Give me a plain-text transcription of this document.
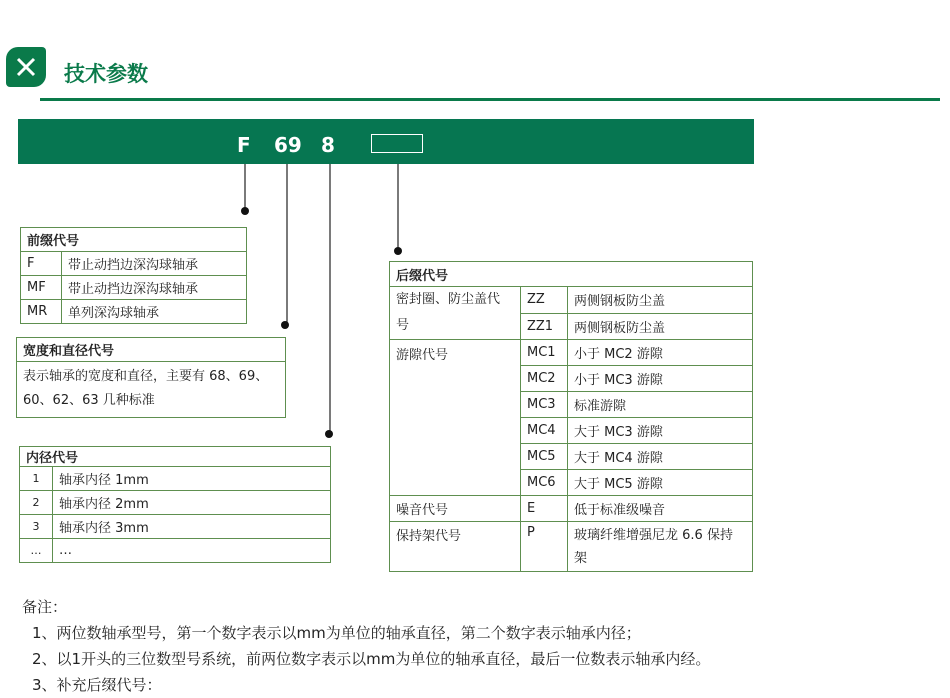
技术参数
F 69 8
前缀代号	
F	带止动挡边深沟球轴承
MF	带止动挡边深沟球轴承
MR	单列深沟球轴承
宽度和直径代号

表示轴承的宽度和直径，主要有 68、69、
60、62、63 几种标准
内径代号	
1	轴承内径 1mm
2	轴承内径 2mm
3	轴承内径 3mm
…	…
后缀代号		

密封圈、防尘盖代
号	ZZ	两侧钢板防尘盖
	ZZ1	两侧钢板防尘盖
游隙代号	MC1	小于 MC2 游隙
	MC2	小于 MC3 游隙
	MC3	标准游隙
	MC4	大于 MC3 游隙
	MC5	大于 MC4 游隙
	MC6	大于 MC5 游隙
噪音代号	E	低于标准级噪音
保持架代号	P	玻璃纤维增强尼龙 6.6 保持
架
备注：
1、两位数轴承型号，第一个数字表示以mm为单位的轴承直径，第二个数字表示轴承内径；
2、以1开头的三位数型号系统，前两位数字表示以mm为单位的轴承直径，最后一位数表示轴承内经。
3、补充后缀代号：
